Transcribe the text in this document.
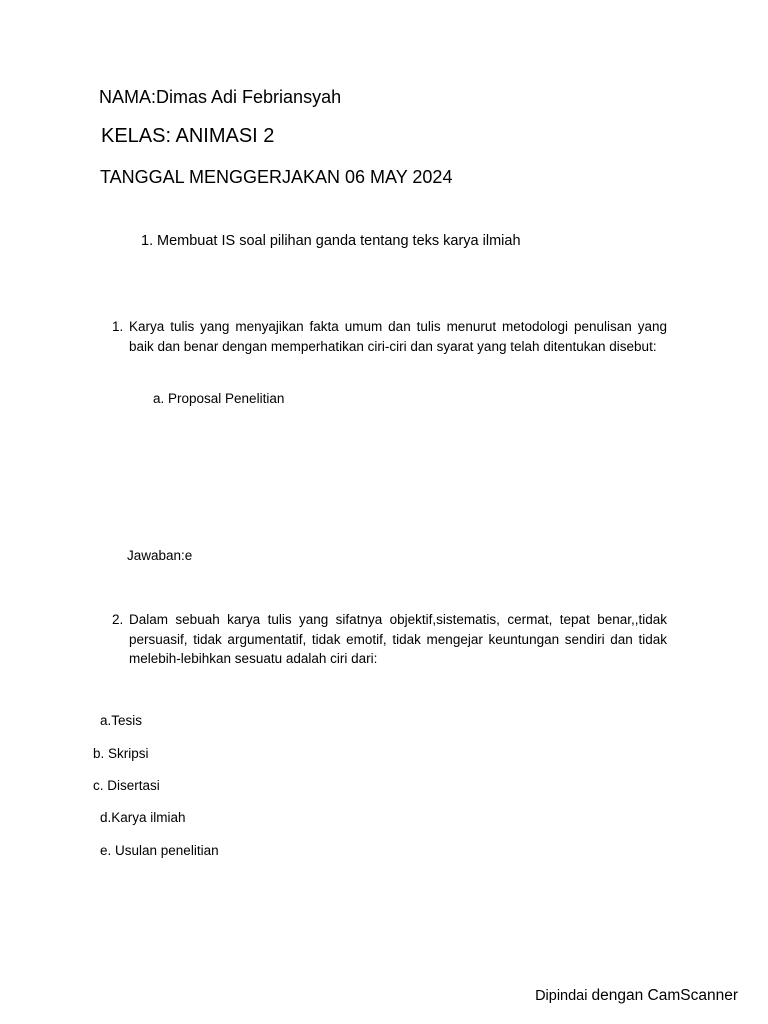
NAMA:Dimas Adi Febriansyah
KELAS: ANIMASI 2
TANGGAL MENGGERJAKAN 06 MAY 2024
1. Membuat IS soal pilihan ganda tentang teks karya ilmiah
1. Karya tulis yang menyajikan fakta umum dan tulis menurut metodologi penulisan yang baik dan benar dengan memperhatikan ciri-ciri dan syarat yang telah ditentukan disebut:
a. Proposal Penelitian
Jawaban:e
2. Dalam sebuah karya tulis yang sifatnya objektif,sistematis, cermat, tepat benar,,tidak persuasif, tidak argumentatif, tidak emotif, tidak mengejar keuntungan sendiri dan tidak melebih-lebihkan sesuatu adalah ciri dari:
a.Tesis
b. Skripsi
c. Disertasi
d.Karya ilmiah
e. Usulan penelitian
Dipindai dengan CamScanner
